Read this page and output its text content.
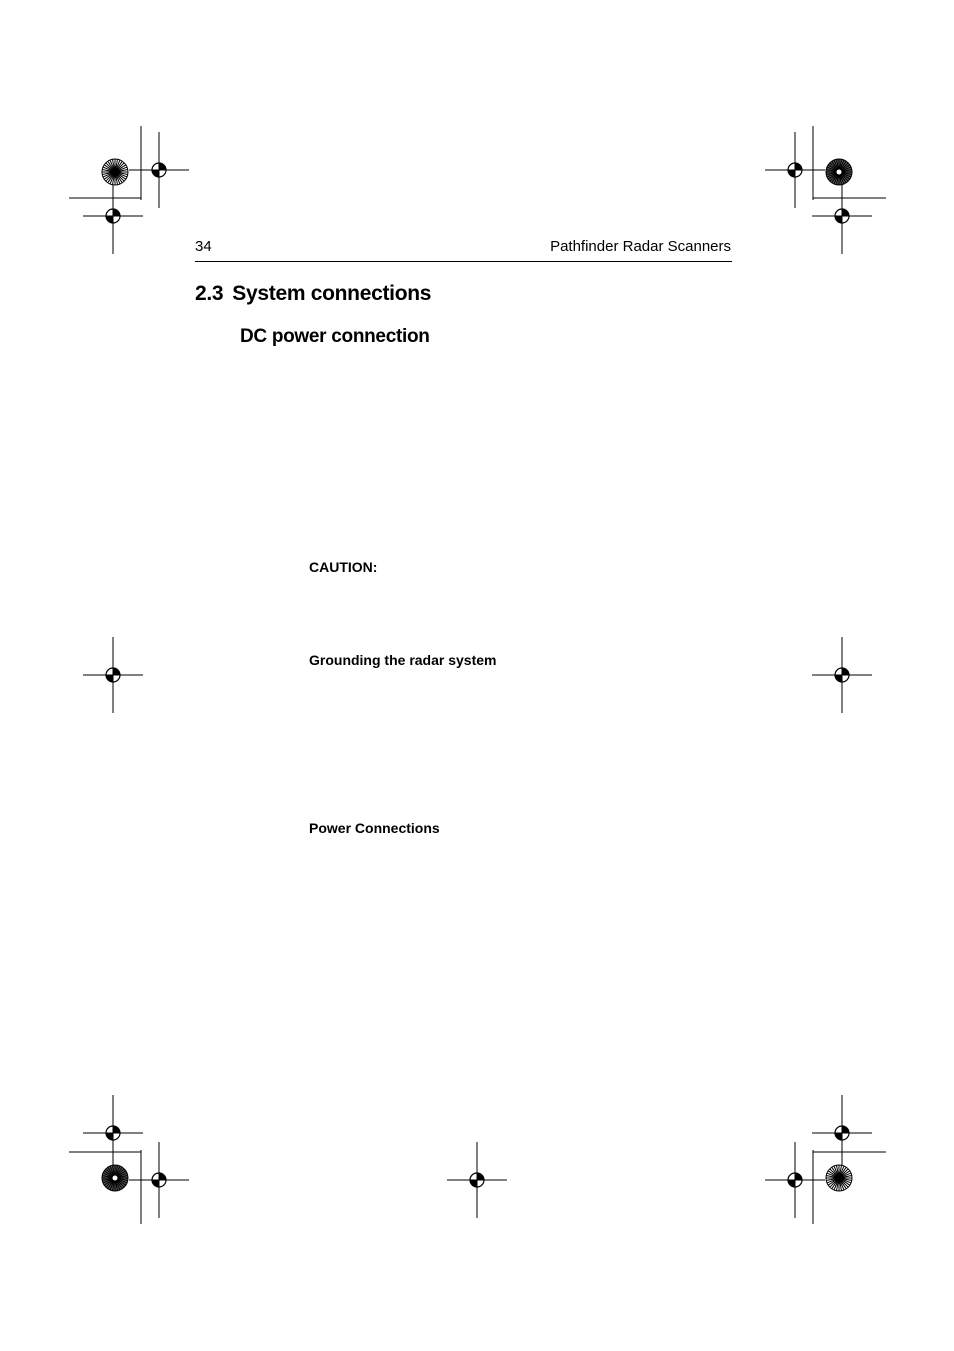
34	Pathfinder Radar Scanners
2.3 System connections
DC power connection
CAUTION:
Grounding the radar system
Power Connections
